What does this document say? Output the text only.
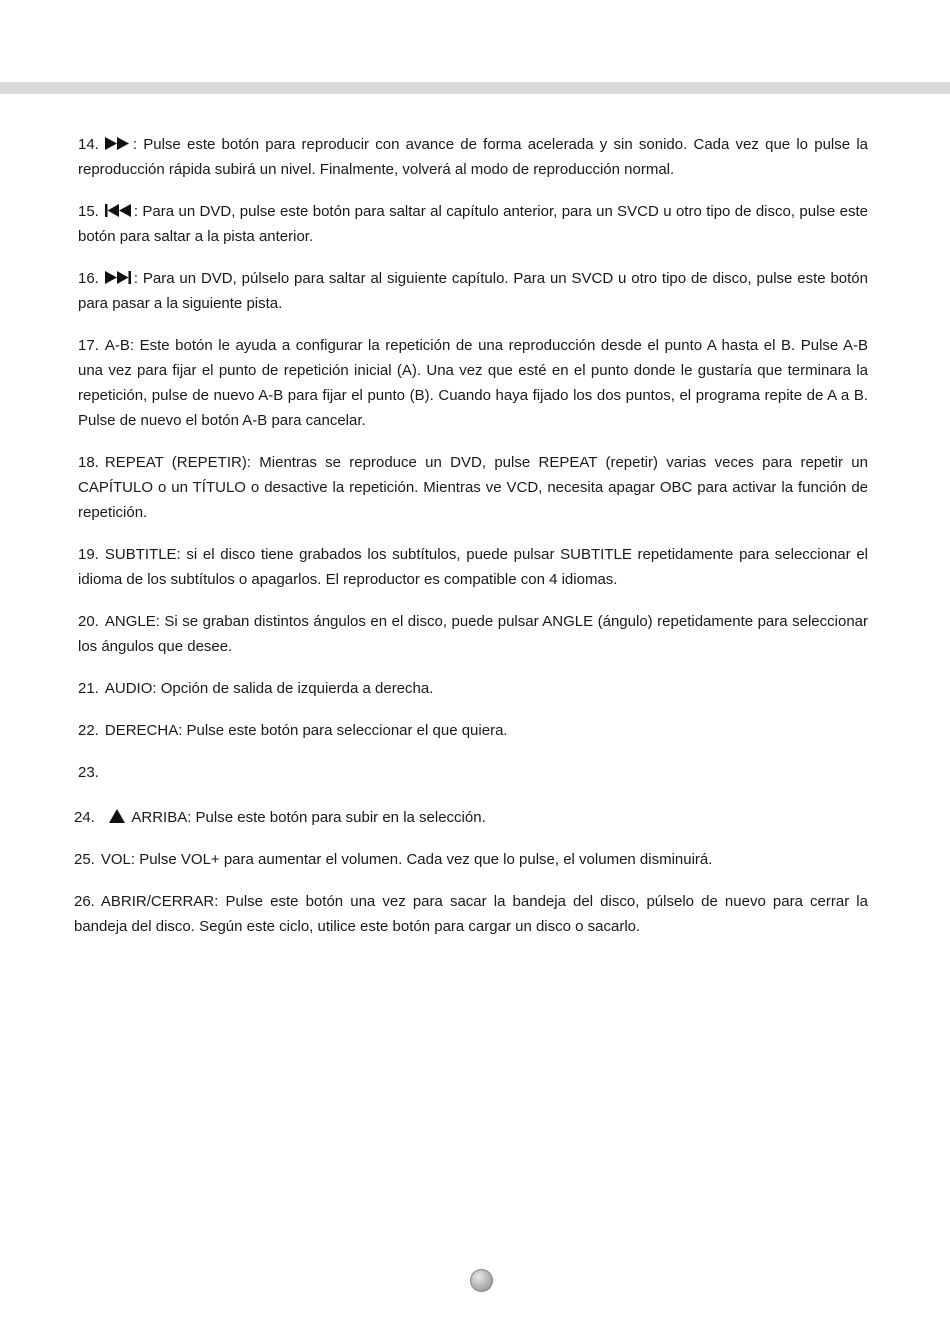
14. : Pulse este botón para reproducir con avance de forma acelerada y sin sonido. Cada vez que lo pulse la reproducción rápida subirá un nivel. Finalmente, volverá al modo de reproducción normal.

15. : Para un DVD, pulse este botón para saltar al capítulo anterior, para un SVCD u otro tipo de disco, pulse este botón para saltar a la pista anterior.

16. : Para un DVD, púlselo para saltar al siguiente capítulo. Para un SVCD u otro tipo de disco, pulse este botón para pasar a la siguiente pista.

17. A-B: Este botón le ayuda a configurar la repetición de una reproducción desde el punto A hasta el B. Pulse A-B una vez para fijar el punto de repetición inicial (A). Una vez que esté en el punto donde le gustaría que terminara la repetición, pulse de nuevo A-B para fijar el punto (B). Cuando haya fijado los dos puntos, el programa repite de A a B. Pulse de nuevo el botón A-B para cancelar.

18. REPEAT (REPETIR): Mientras se reproduce un DVD, pulse REPEAT (repetir) varias veces para repetir un CAPÍTULO o un TÍTULO o desactive la repetición. Mientras ve VCD, necesita apagar OBC para activar la función de repetición.

19. SUBTITLE: si el disco tiene grabados los subtítulos, puede pulsar SUBTITLE repetidamente para seleccionar el idioma de los subtítulos o apagarlos. El reproductor es compatible con 4 idiomas.

20. ANGLE: Si se graban distintos ángulos en el disco, puede pulsar ANGLE (ángulo) repetidamente para seleccionar los ángulos que desee.

21. AUDIO: Opción de salida de izquierda a derecha.

22. DERECHA: Pulse este botón para seleccionar el que quiera.

23.

24. ARRIBA: Pulse este botón para subir en la selección.

25. VOL: Pulse VOL+ para aumentar el volumen. Cada vez que lo pulse, el volumen disminuirá.

26. ABRIR/CERRAR: Pulse este botón una vez para sacar la bandeja del disco, púlselo de nuevo para cerrar la bandeja del disco. Según este ciclo, utilice este botón para cargar un disco o sacarlo.
